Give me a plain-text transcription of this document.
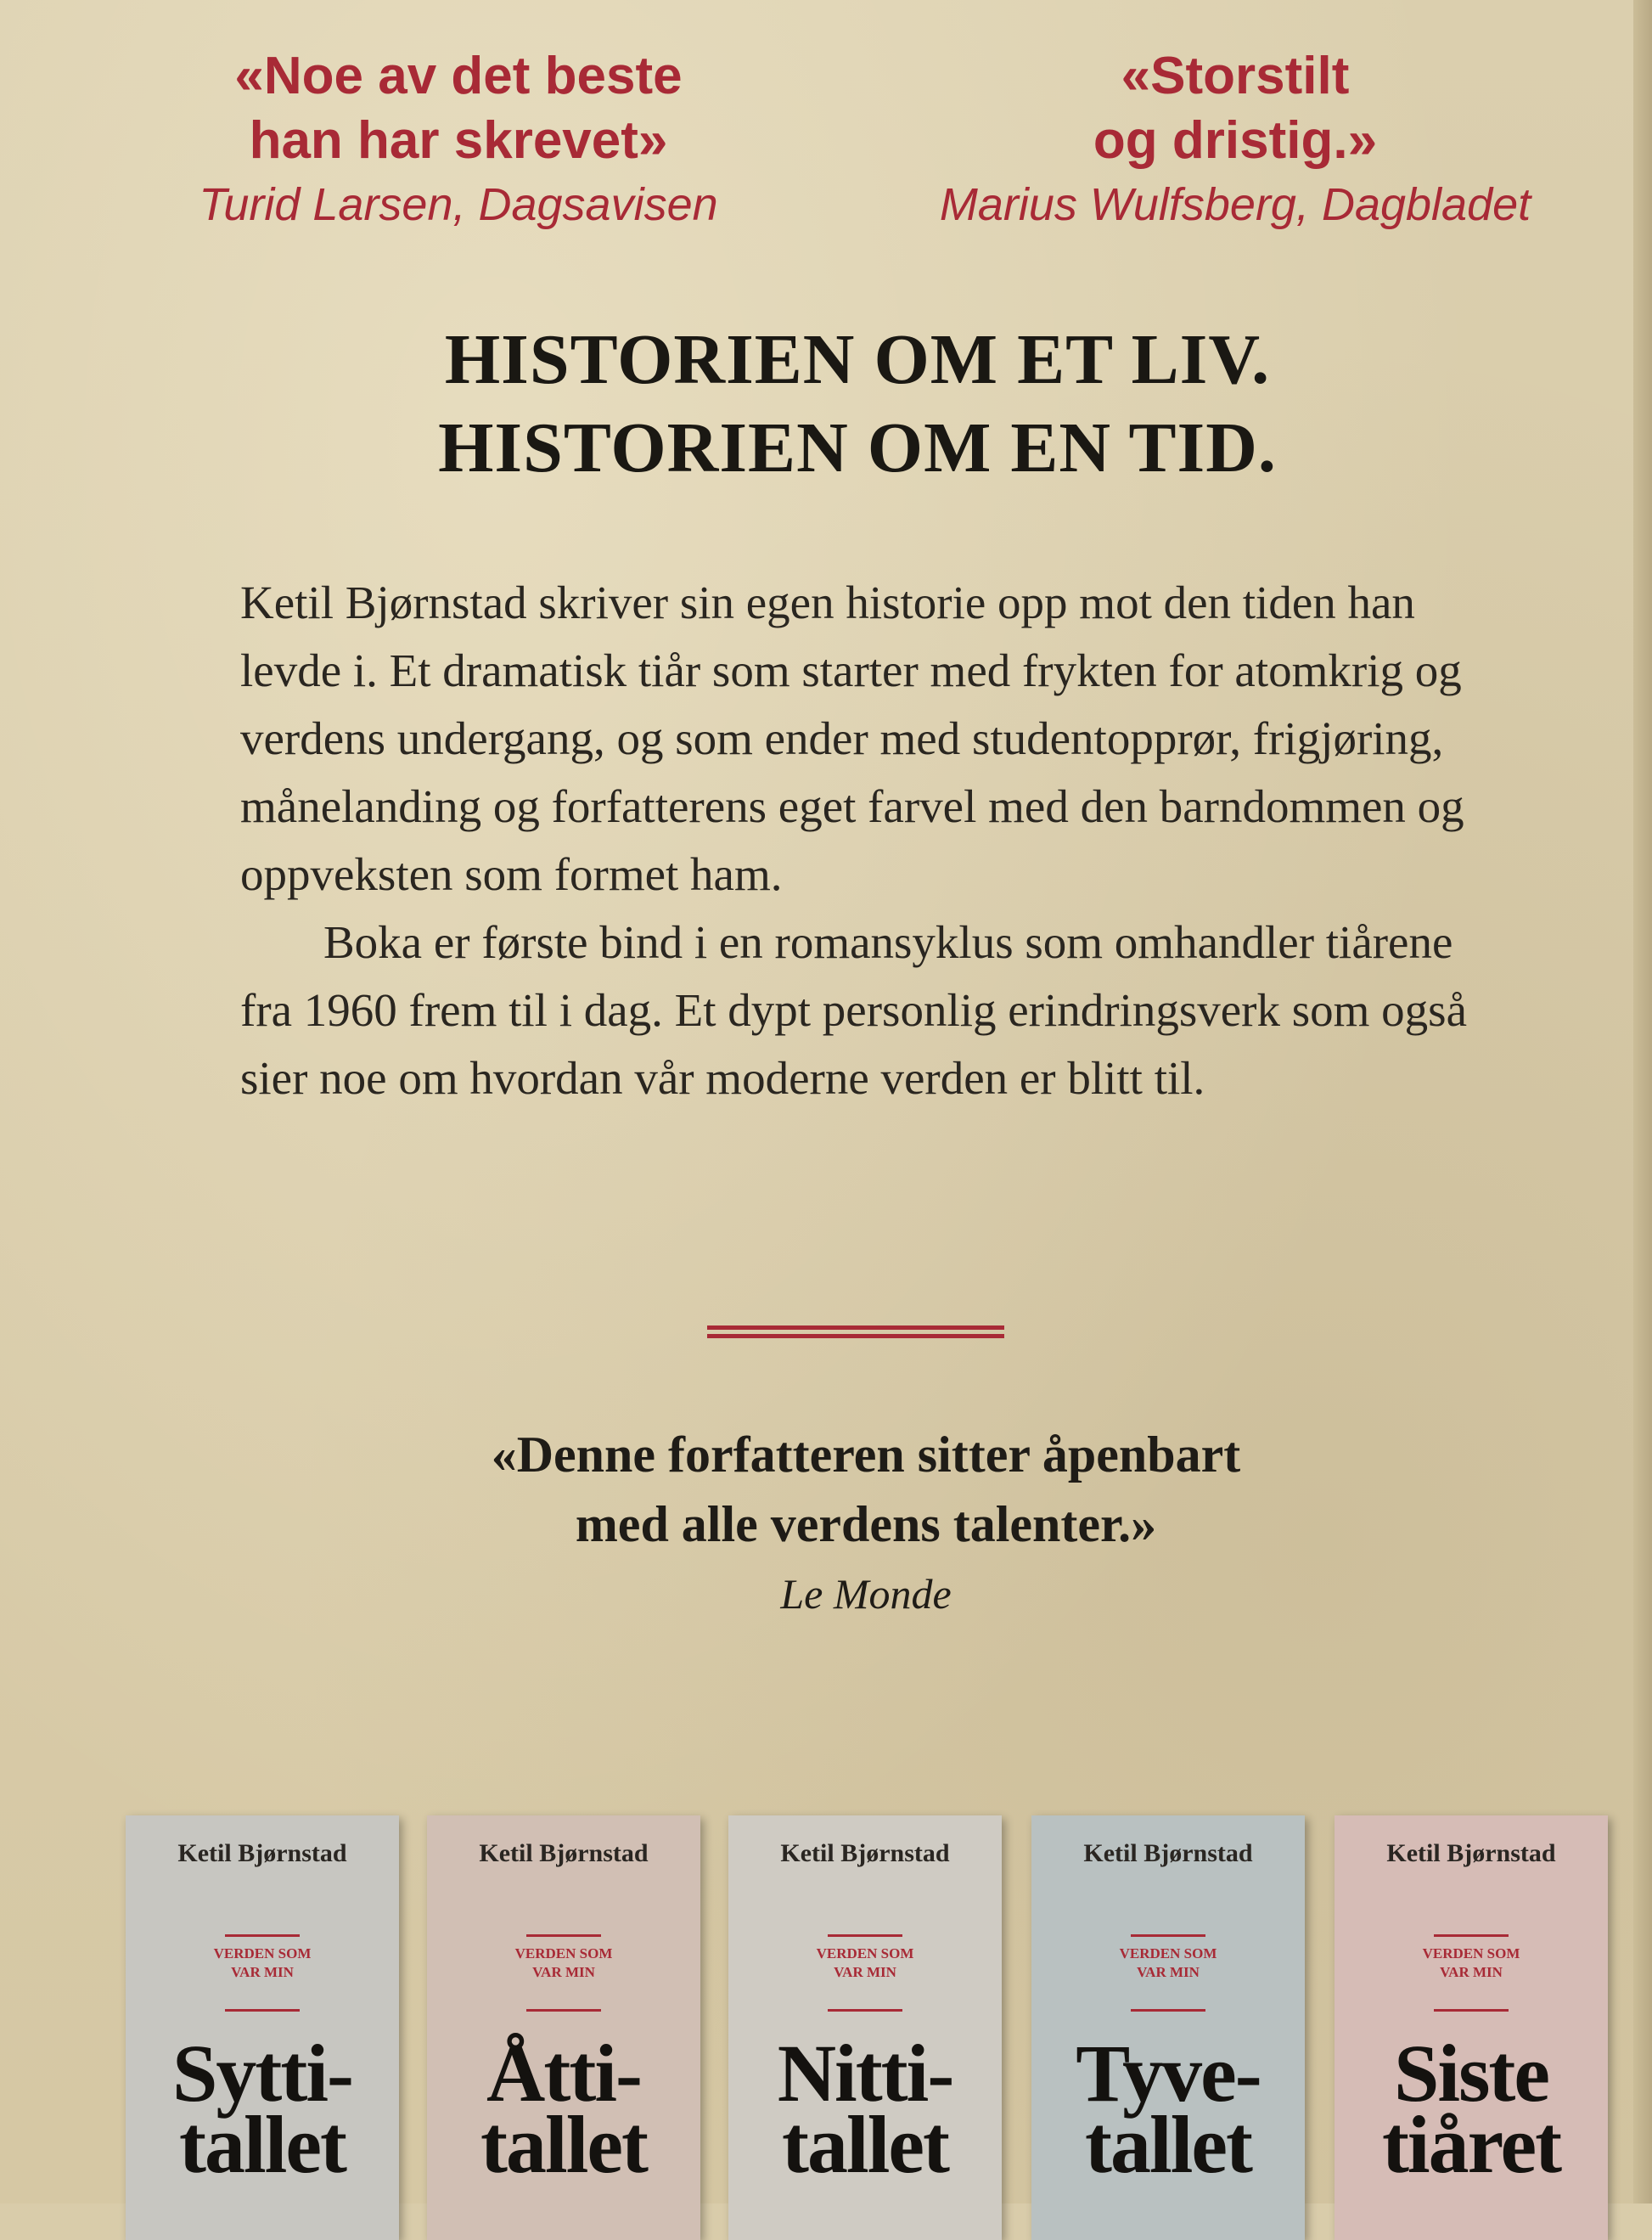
«Noe av det beste
han har skrevet»
Turid Larsen, Dagsavisen
«Storstilt
og dristig.»
Marius Wulfsberg, Dagbladet
HISTORIEN OM ET LIV.
HISTORIEN OM EN TID.

Ketil Bjørnstad skriver sin egen historie opp mot den tiden han levde i. Et dramatisk tiår som starter med frykten for atomkrig og verdens undergang, og som ender med studentopprør, frigjøring, månelanding og forfatterens eget farvel med den barndommen og oppveksten som formet ham.

Boka er første bind i en romansyklus som omhandler tiårene fra 1960 frem til i dag. Et dypt personlig erindringsverk som også sier noe om hvordan vår moderne verden er blitt til.

«Denne forfatteren sitter åpenbart
med alle verdens talenter.»
Le Monde
Ketil Bjørnstad
VERDEN SOM
VAR MIN
Sytti-
tallet
Ketil Bjørnstad
VERDEN SOM
VAR MIN
Åtti-
tallet
Ketil Bjørnstad
VERDEN SOM
VAR MIN
Nitti-
tallet
Ketil Bjørnstad
VERDEN SOM
VAR MIN
Tyve-
tallet
Ketil Bjørnstad
VERDEN SOM
VAR MIN
Siste
tiåret
